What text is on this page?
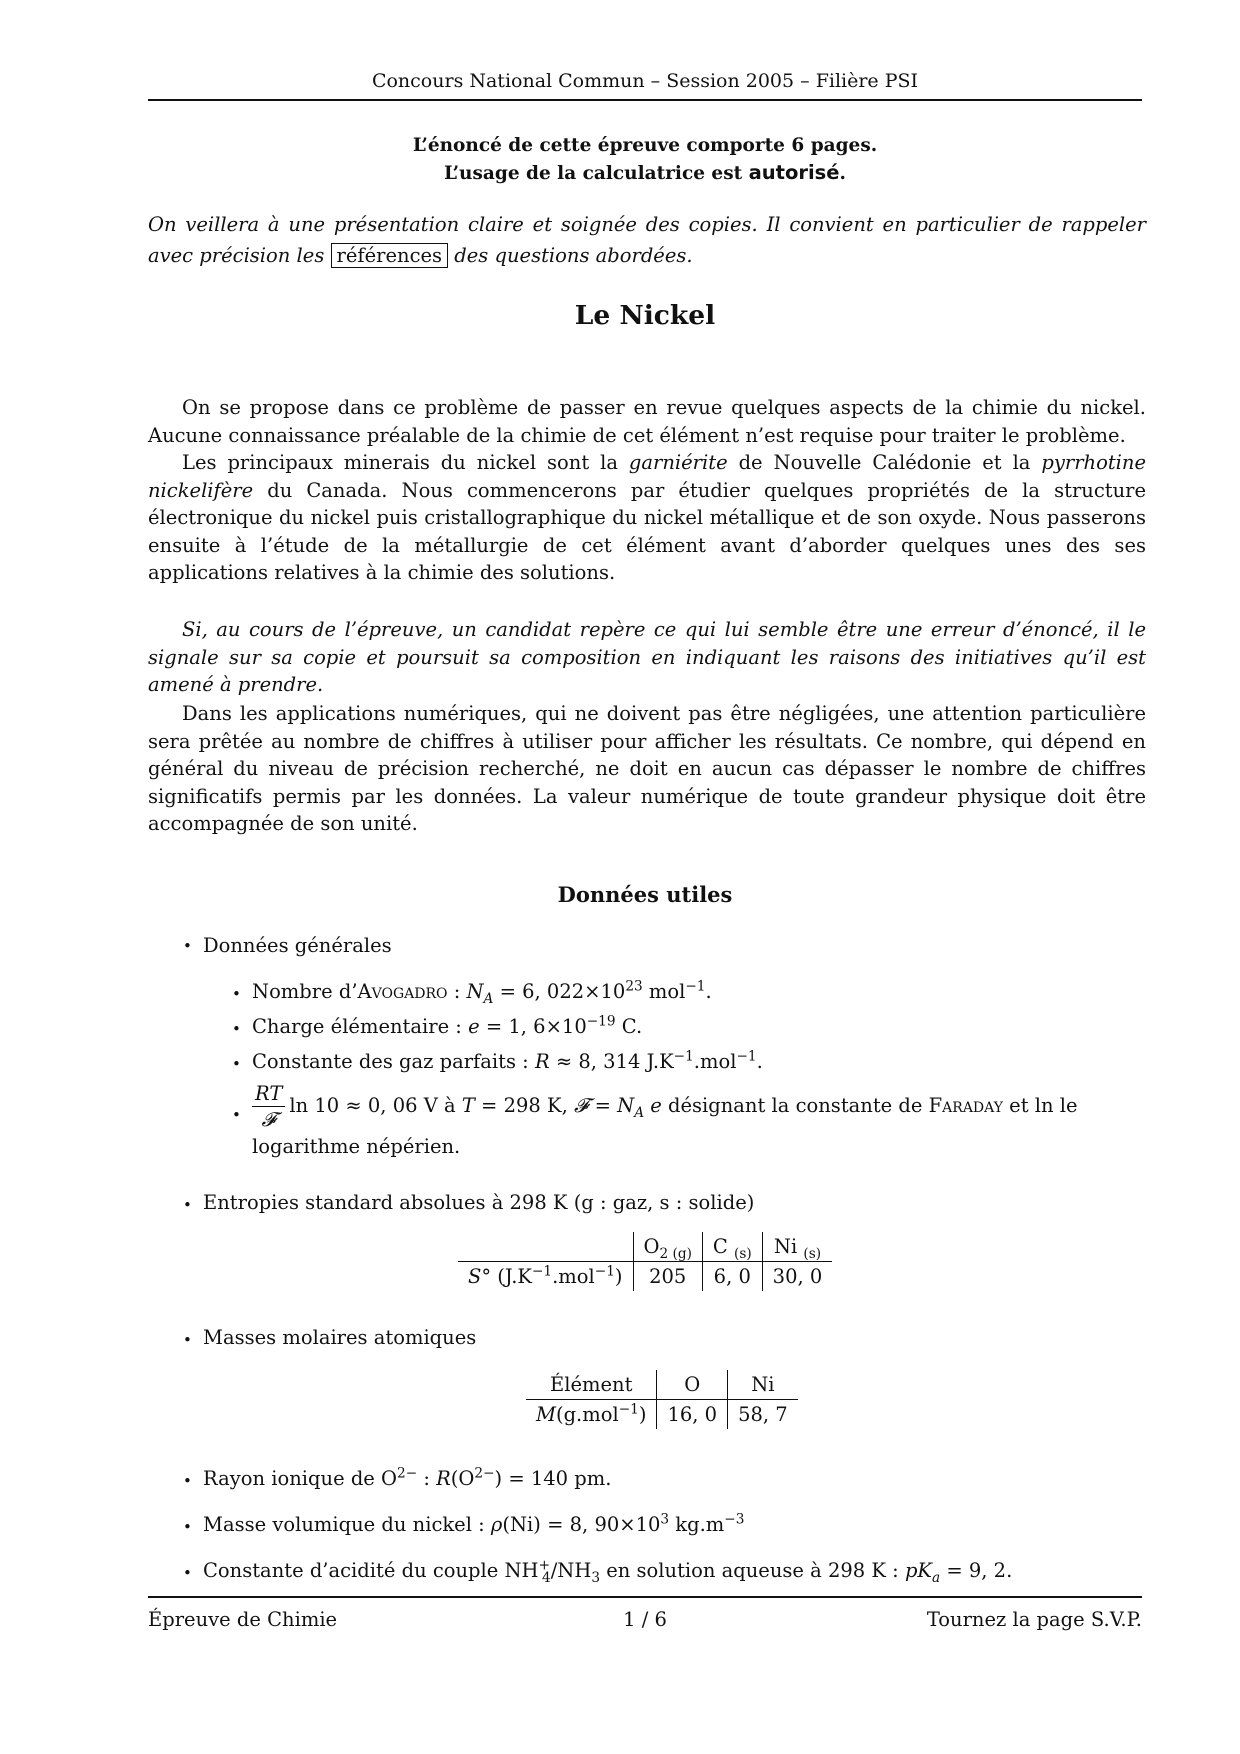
Concours National Commun – Session 2005 – Filière PSI
L’énoncé de cette épreuve comporte 6 pages.
L’usage de la calculatrice est autorisé.
On veillera à une présentation claire et soignée des copies. Il convient en particulier de rappeler avec précision les références des questions abordées.
Le Nickel

On se propose dans ce problème de passer en revue quelques aspects de la chimie du nickel. Aucune connaissance préalable de la chimie de cet élément n’est requise pour traiter le problème.

Les principaux minerais du nickel sont la garniérite de Nouvelle Calédonie et la pyrrhotine nickelifère du Canada. Nous commencerons par étudier quelques propriétés de la structure électronique du nickel puis cristallographique du nickel métallique et de son oxyde. Nous passerons ensuite à l’étude de la métallurgie de cet élément avant d’aborder quelques unes des ses applications relatives à la chimie des solutions.

Si, au cours de l’épreuve, un candidat repère ce qui lui semble être une erreur d’énoncé, il le signale sur sa copie et poursuit sa composition en indiquant les raisons des initiatives qu’il est amené à prendre.

Dans les applications numériques, qui ne doivent pas être négligées, une attention particulière sera prêtée au nombre de chiffres à utiliser pour afficher les résultats. Ce nombre, qui dépend en général du niveau de précision recherché, ne doit en aucun cas dépasser le nombre de chiffres significatifs permis par les données. La valeur numérique de toute grandeur physique doit être accompagnée de son unité.

Données utiles
• Données générales
• Nombre d’Avogadro : $N_A = 6$, $022\times 10^{23}$ mol$^{-1}$.
• Charge élémentaire : e = 1, $6\times 10^{-19}$ C.
• Constante des gaz parfaits : R ≈ 8, 314 $J.K^{-1}.mol^{-1}$.
• $\frac{RT}{\text{𝓕}}$ ln 10 ≈ 0, 06 V à T = 298 K, 𝓕 = $N_A$ e désignant la constante de Faraday et ln le
logarithme népérien.
• Entropies standard absolues à 298 K (g : gaz, s : solide)
	$O_{2 (g)}$	C $_{(s)}$	Ni $_{(s)}$
S° $(J.K^{-1}.mol^{-1})$	205	6, 0	30, 0
• Masses molaires atomiques
Élément	O	Ni
M(g.mol$^{-1}$)	16, 0	58, 7
• Rayon ionique de $O^{2-}$ : $R(O^{2-}) = 140$ pm.
• Masse volumique du nickel : ρ(Ni) = 8, $90\times 10^3$ $kg.m^{-3}$
• Constante d’acidité du couple $NH^+_4/NH_3$ en solution aqueuse à 298 K : $pK_a = 9$, 2.
Épreuve de Chimie	1 / 6	Tournez la page S.V.P.
